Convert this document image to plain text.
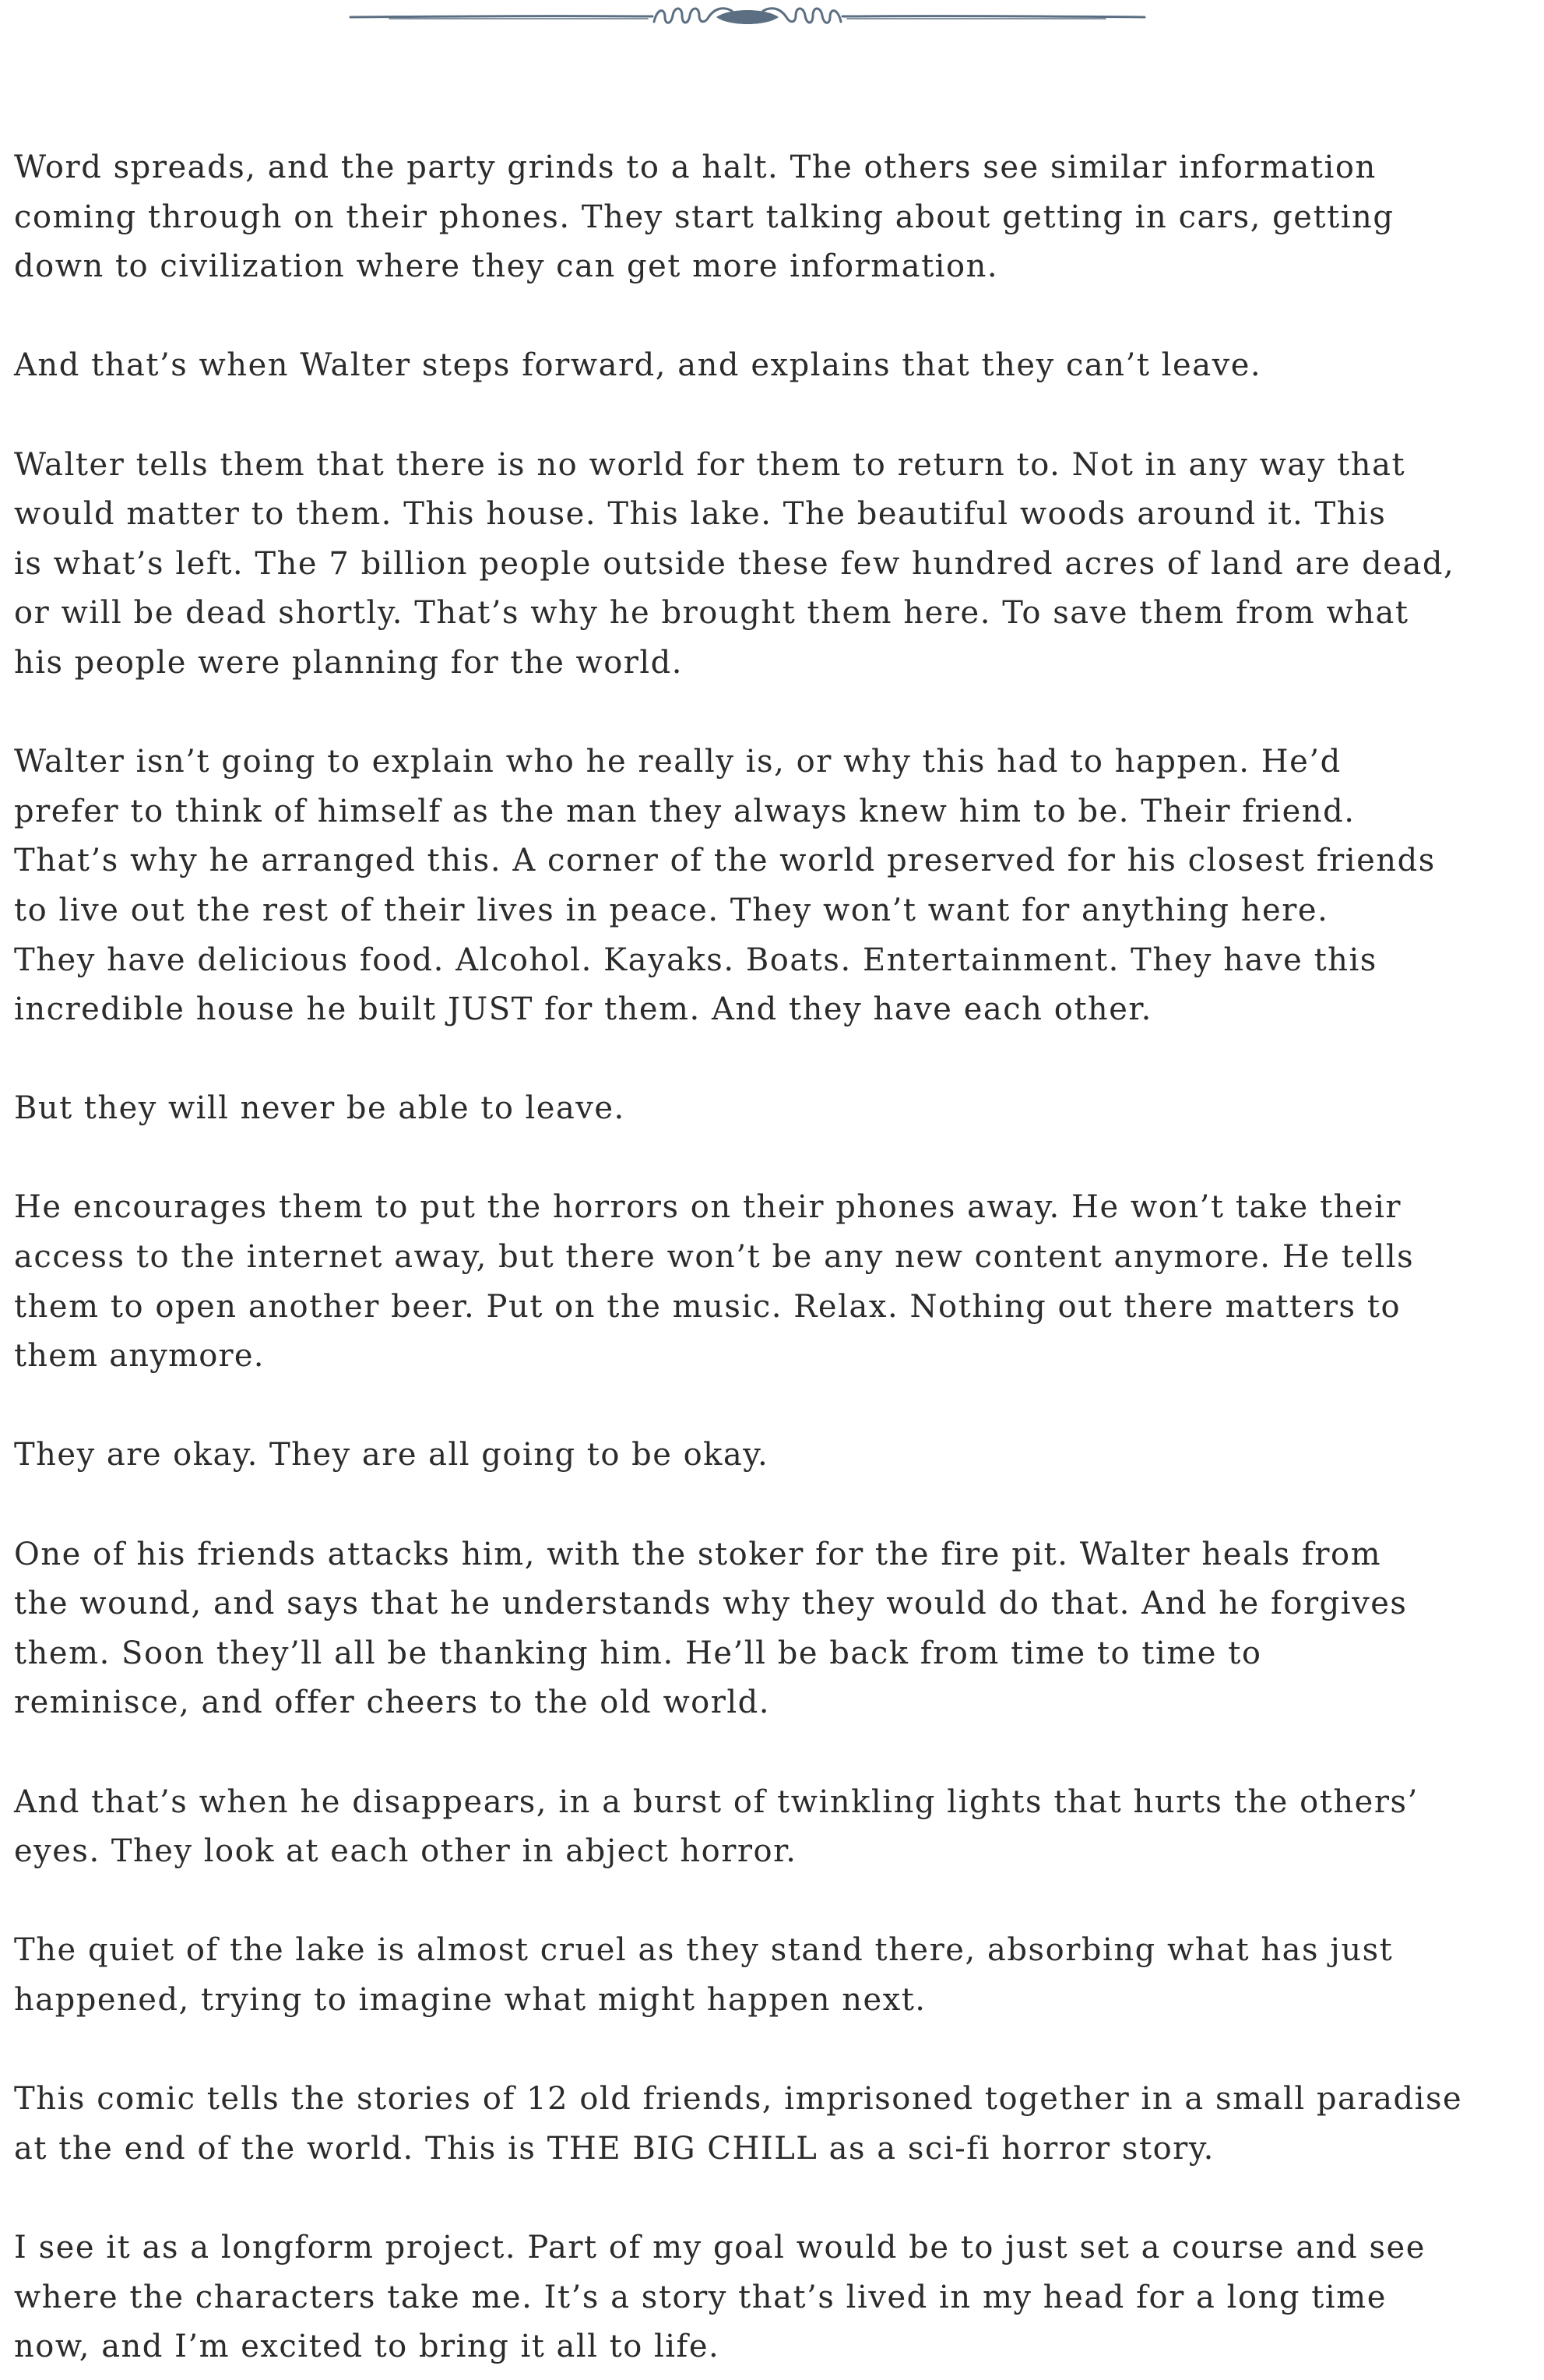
Word spreads, and the party grinds to a halt. The others see similar information
coming through on their phones. They start talking about getting in cars, getting
down to civilization where they can get more information.

And that’s when Walter steps forward, and explains that they can’t leave.

Walter tells them that there is no world for them to return to. Not in any way that
would matter to them. This house. This lake. The beautiful woods around it. This
is what’s left. The 7 billion people outside these few hundred acres of land are dead,
or will be dead shortly. That’s why he brought them here. To save them from what
his people were planning for the world.

Walter isn’t going to explain who he really is, or why this had to happen. He’d
prefer to think of himself as the man they always knew him to be. Their friend.
That’s why he arranged this. A corner of the world preserved for his closest friends
to live out the rest of their lives in peace. They won’t want for anything here.
They have delicious food. Alcohol. Kayaks. Boats. Entertainment. They have this
incredible house he built JUST for them. And they have each other.

But they will never be able to leave.

He encourages them to put the horrors on their phones away. He won’t take their
access to the internet away, but there won’t be any new content anymore. He tells
them to open another beer. Put on the music. Relax. Nothing out there matters to
them anymore.

They are okay. They are all going to be okay.

One of his friends attacks him, with the stoker for the fire pit. Walter heals from
the wound, and says that he understands why they would do that. And he forgives
them. Soon they’ll all be thanking him. He’ll be back from time to time to
reminisce, and offer cheers to the old world.

And that’s when he disappears, in a burst of twinkling lights that hurts the others’
eyes. They look at each other in abject horror.

The quiet of the lake is almost cruel as they stand there, absorbing what has just
happened, trying to imagine what might happen next.

This comic tells the stories of 12 old friends, imprisoned together in a small paradise
at the end of the world. This is THE BIG CHILL as a sci-fi horror story.

I see it as a longform project. Part of my goal would be to just set a course and see
where the characters take me. It’s a story that’s lived in my head for a long time
now, and I’m excited to bring it all to life.
